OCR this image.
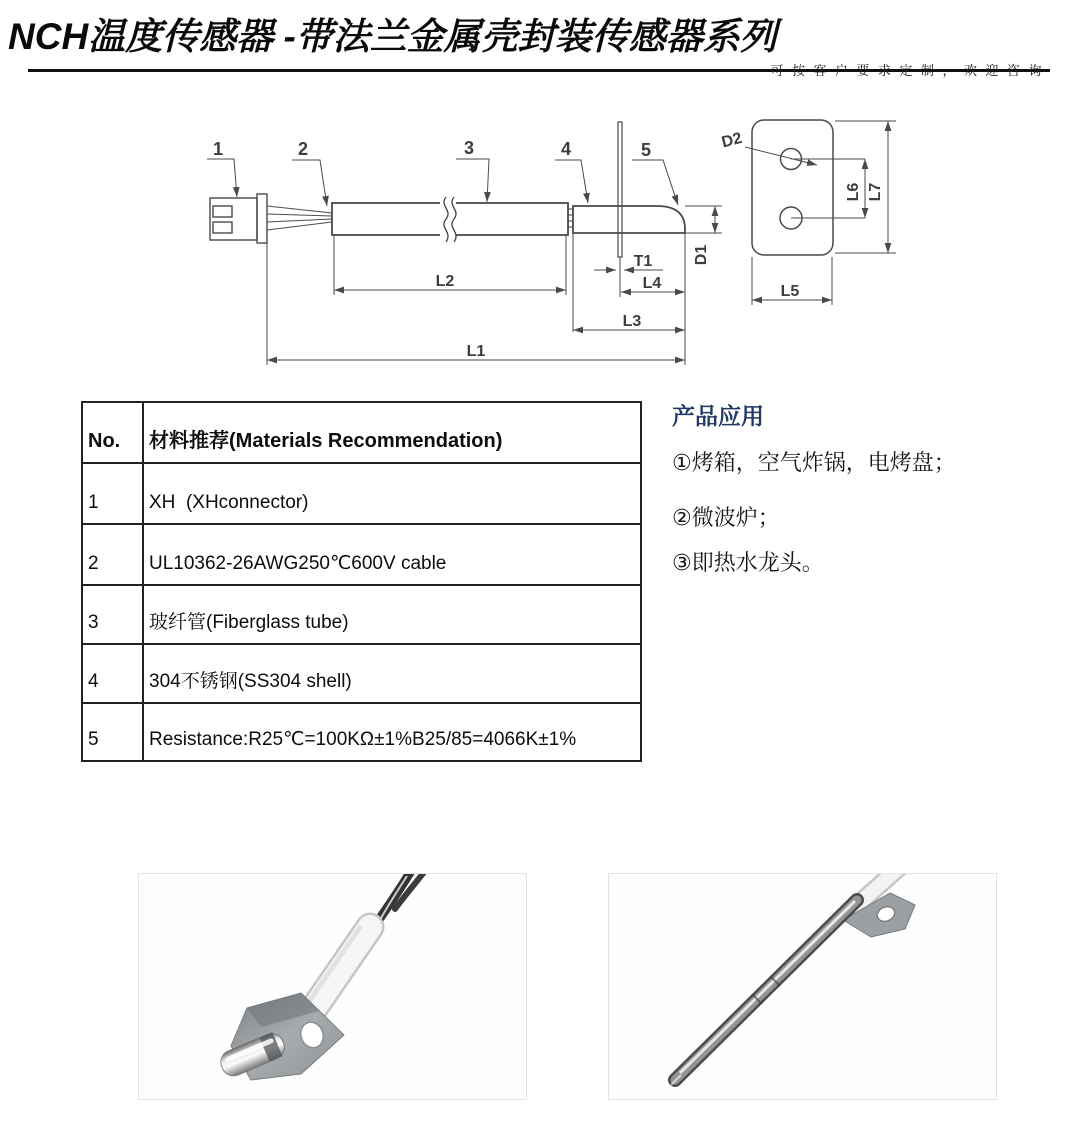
NCH温度传感器 -带法兰金属壳封装传感器系列
可按客户要求定制，欢迎咨询
1	2	3	4	5
L2
T1
L4
L3
L1
D1
D2
L6 L7
L5
No.	材料推荐(Materials Recommendation)
1	XH  (XHconnector)
2	UL10362-26AWG250℃600V cable
3	玻纤管(Fiberglass tube)
4	304不锈钢(SS304 shell)
5	Resistance:R25℃=100KΩ±1%B25/85=4066K±1%
产品应用
①烤箱，空气炸锅，电烤盘；
②微波炉；
③即热水龙头。
